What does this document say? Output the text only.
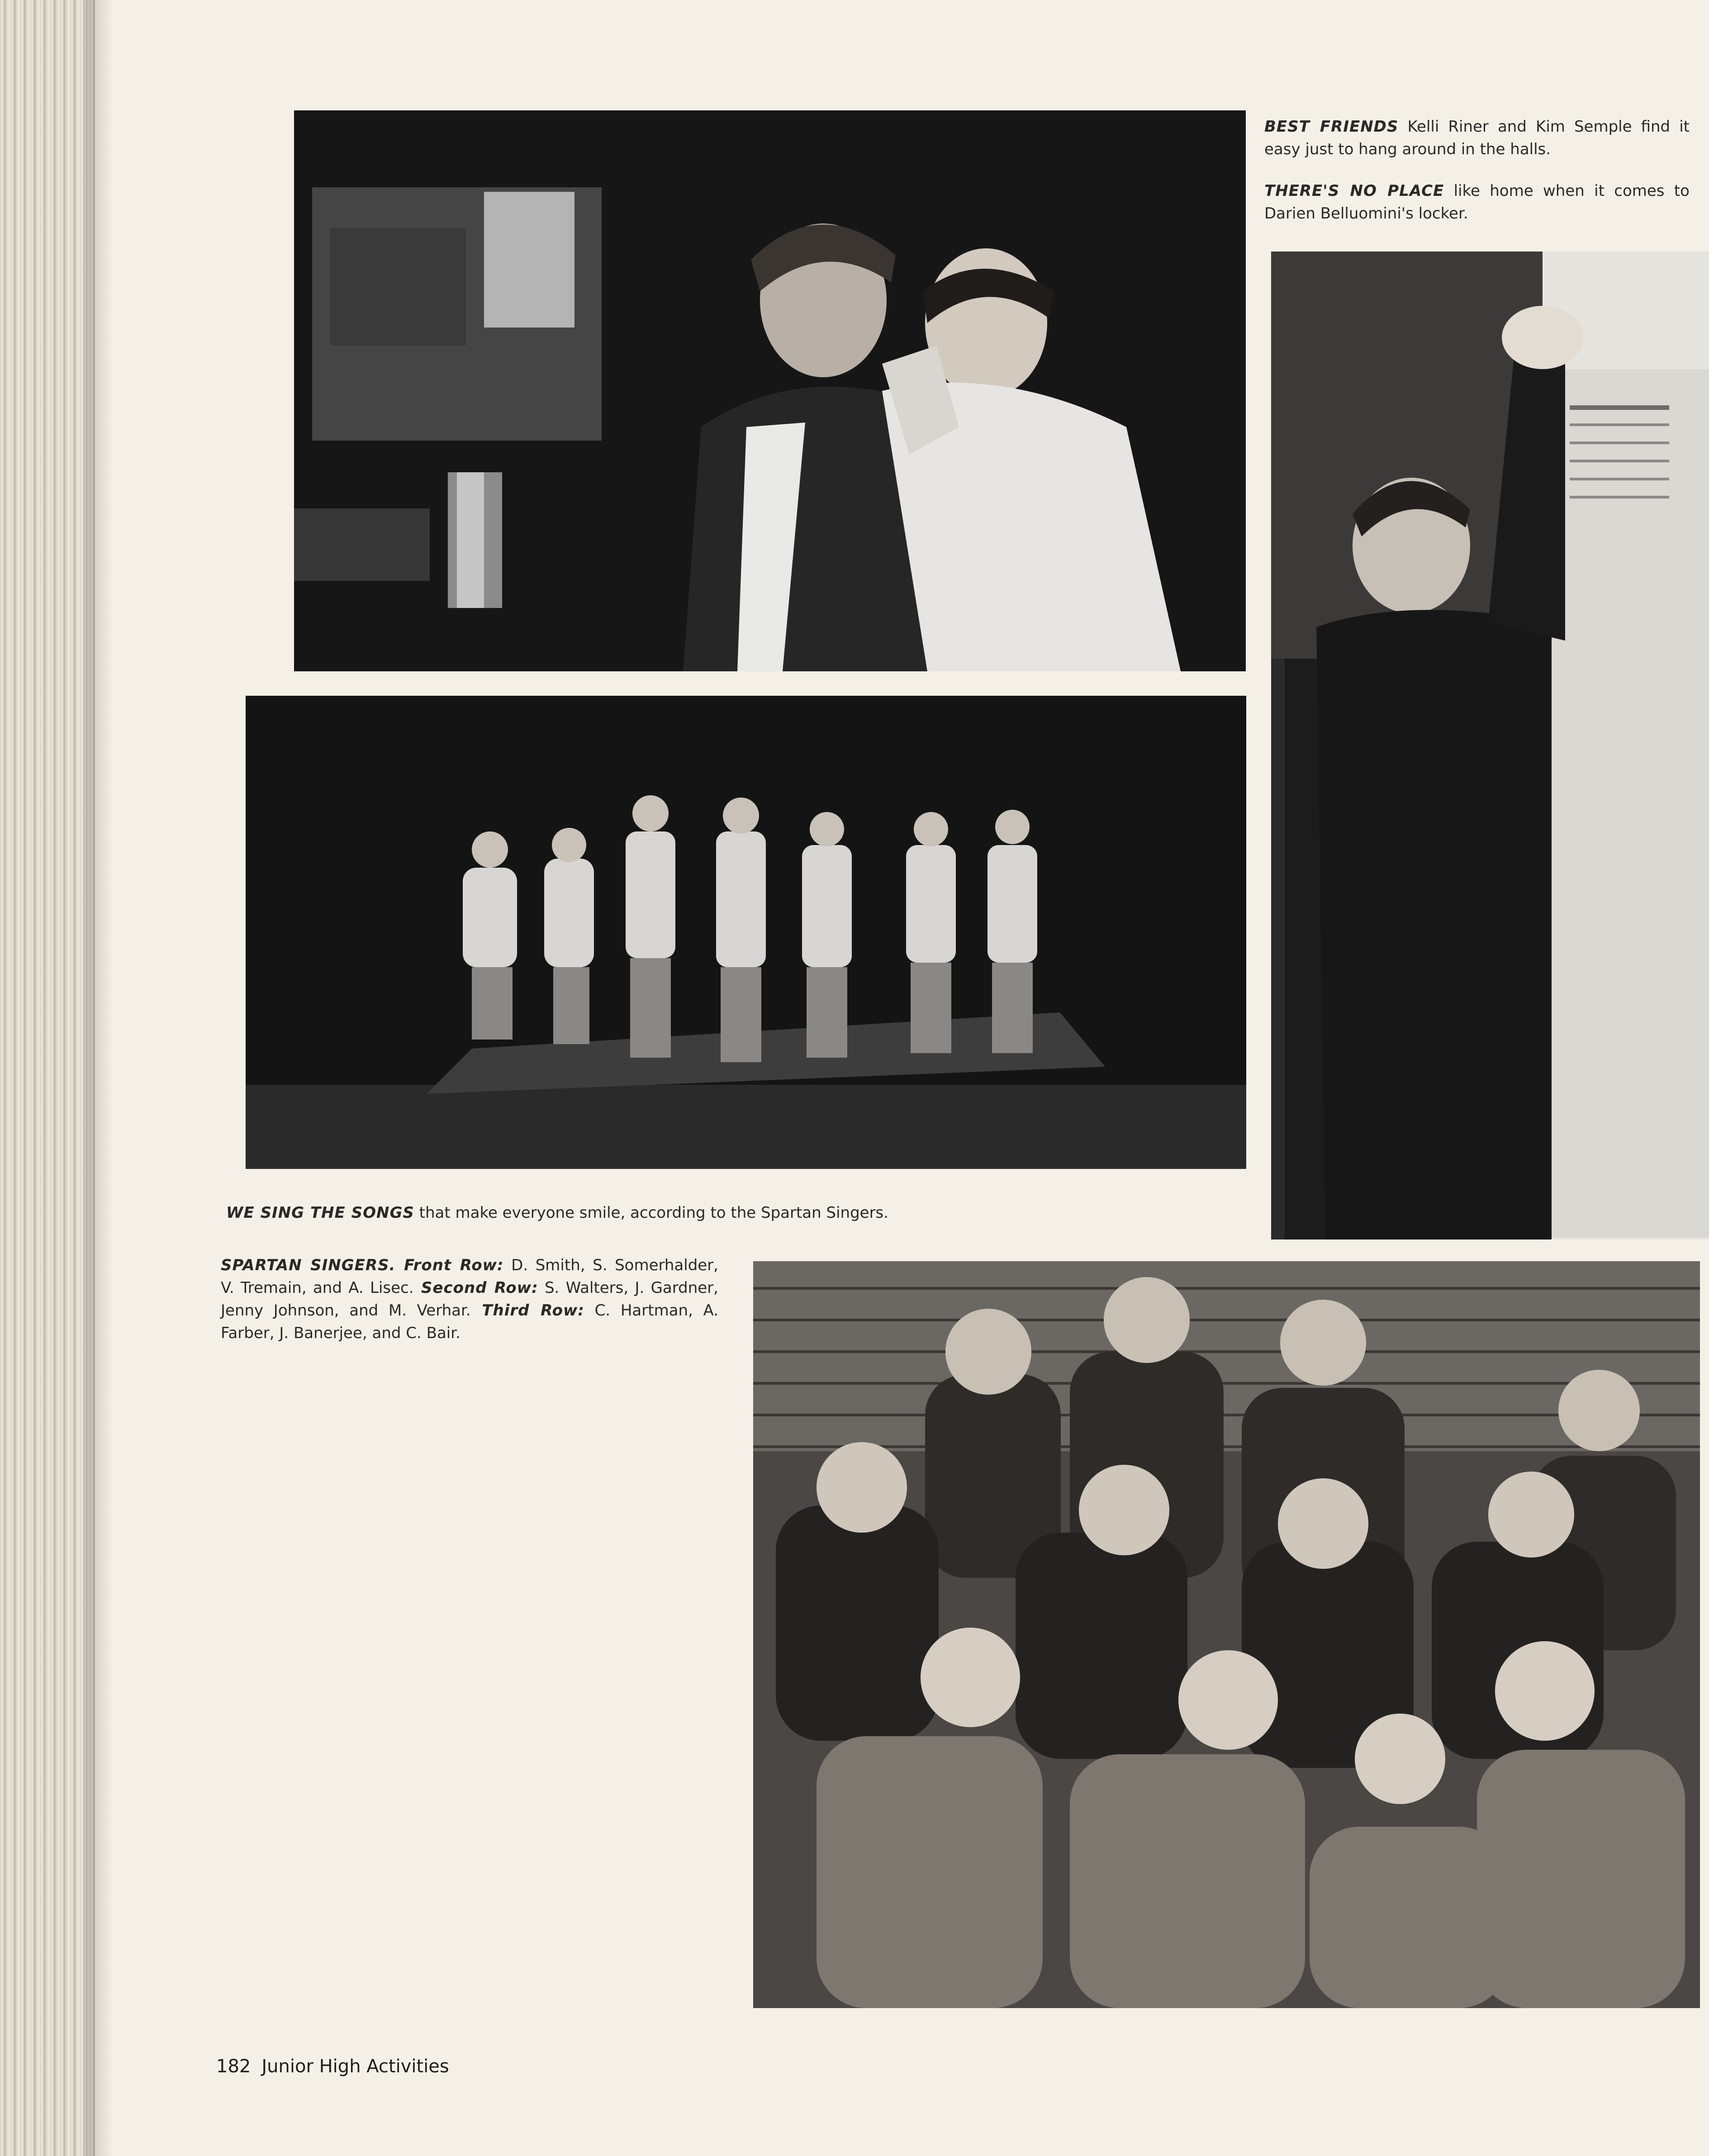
BEST FRIENDS Kelli Riner and Kim Semple find it easy just to hang around in the halls.
THERE'S NO PLACE like home when it comes to Darien Belluomini's locker.
WE SING THE SONGS that make everyone smile, according to the Spartan Singers.
SPARTAN SINGERS. Front Row: D. Smith, S. Somerhalder, V. Tremain, and A. Lisec. Second Row: S. Walters, J. Gardner, Jenny Johnson, and M. Verhar. Third Row: C. Hartman, A. Farber, J. Banerjee, and C. Bair.
182 Junior High Activities
